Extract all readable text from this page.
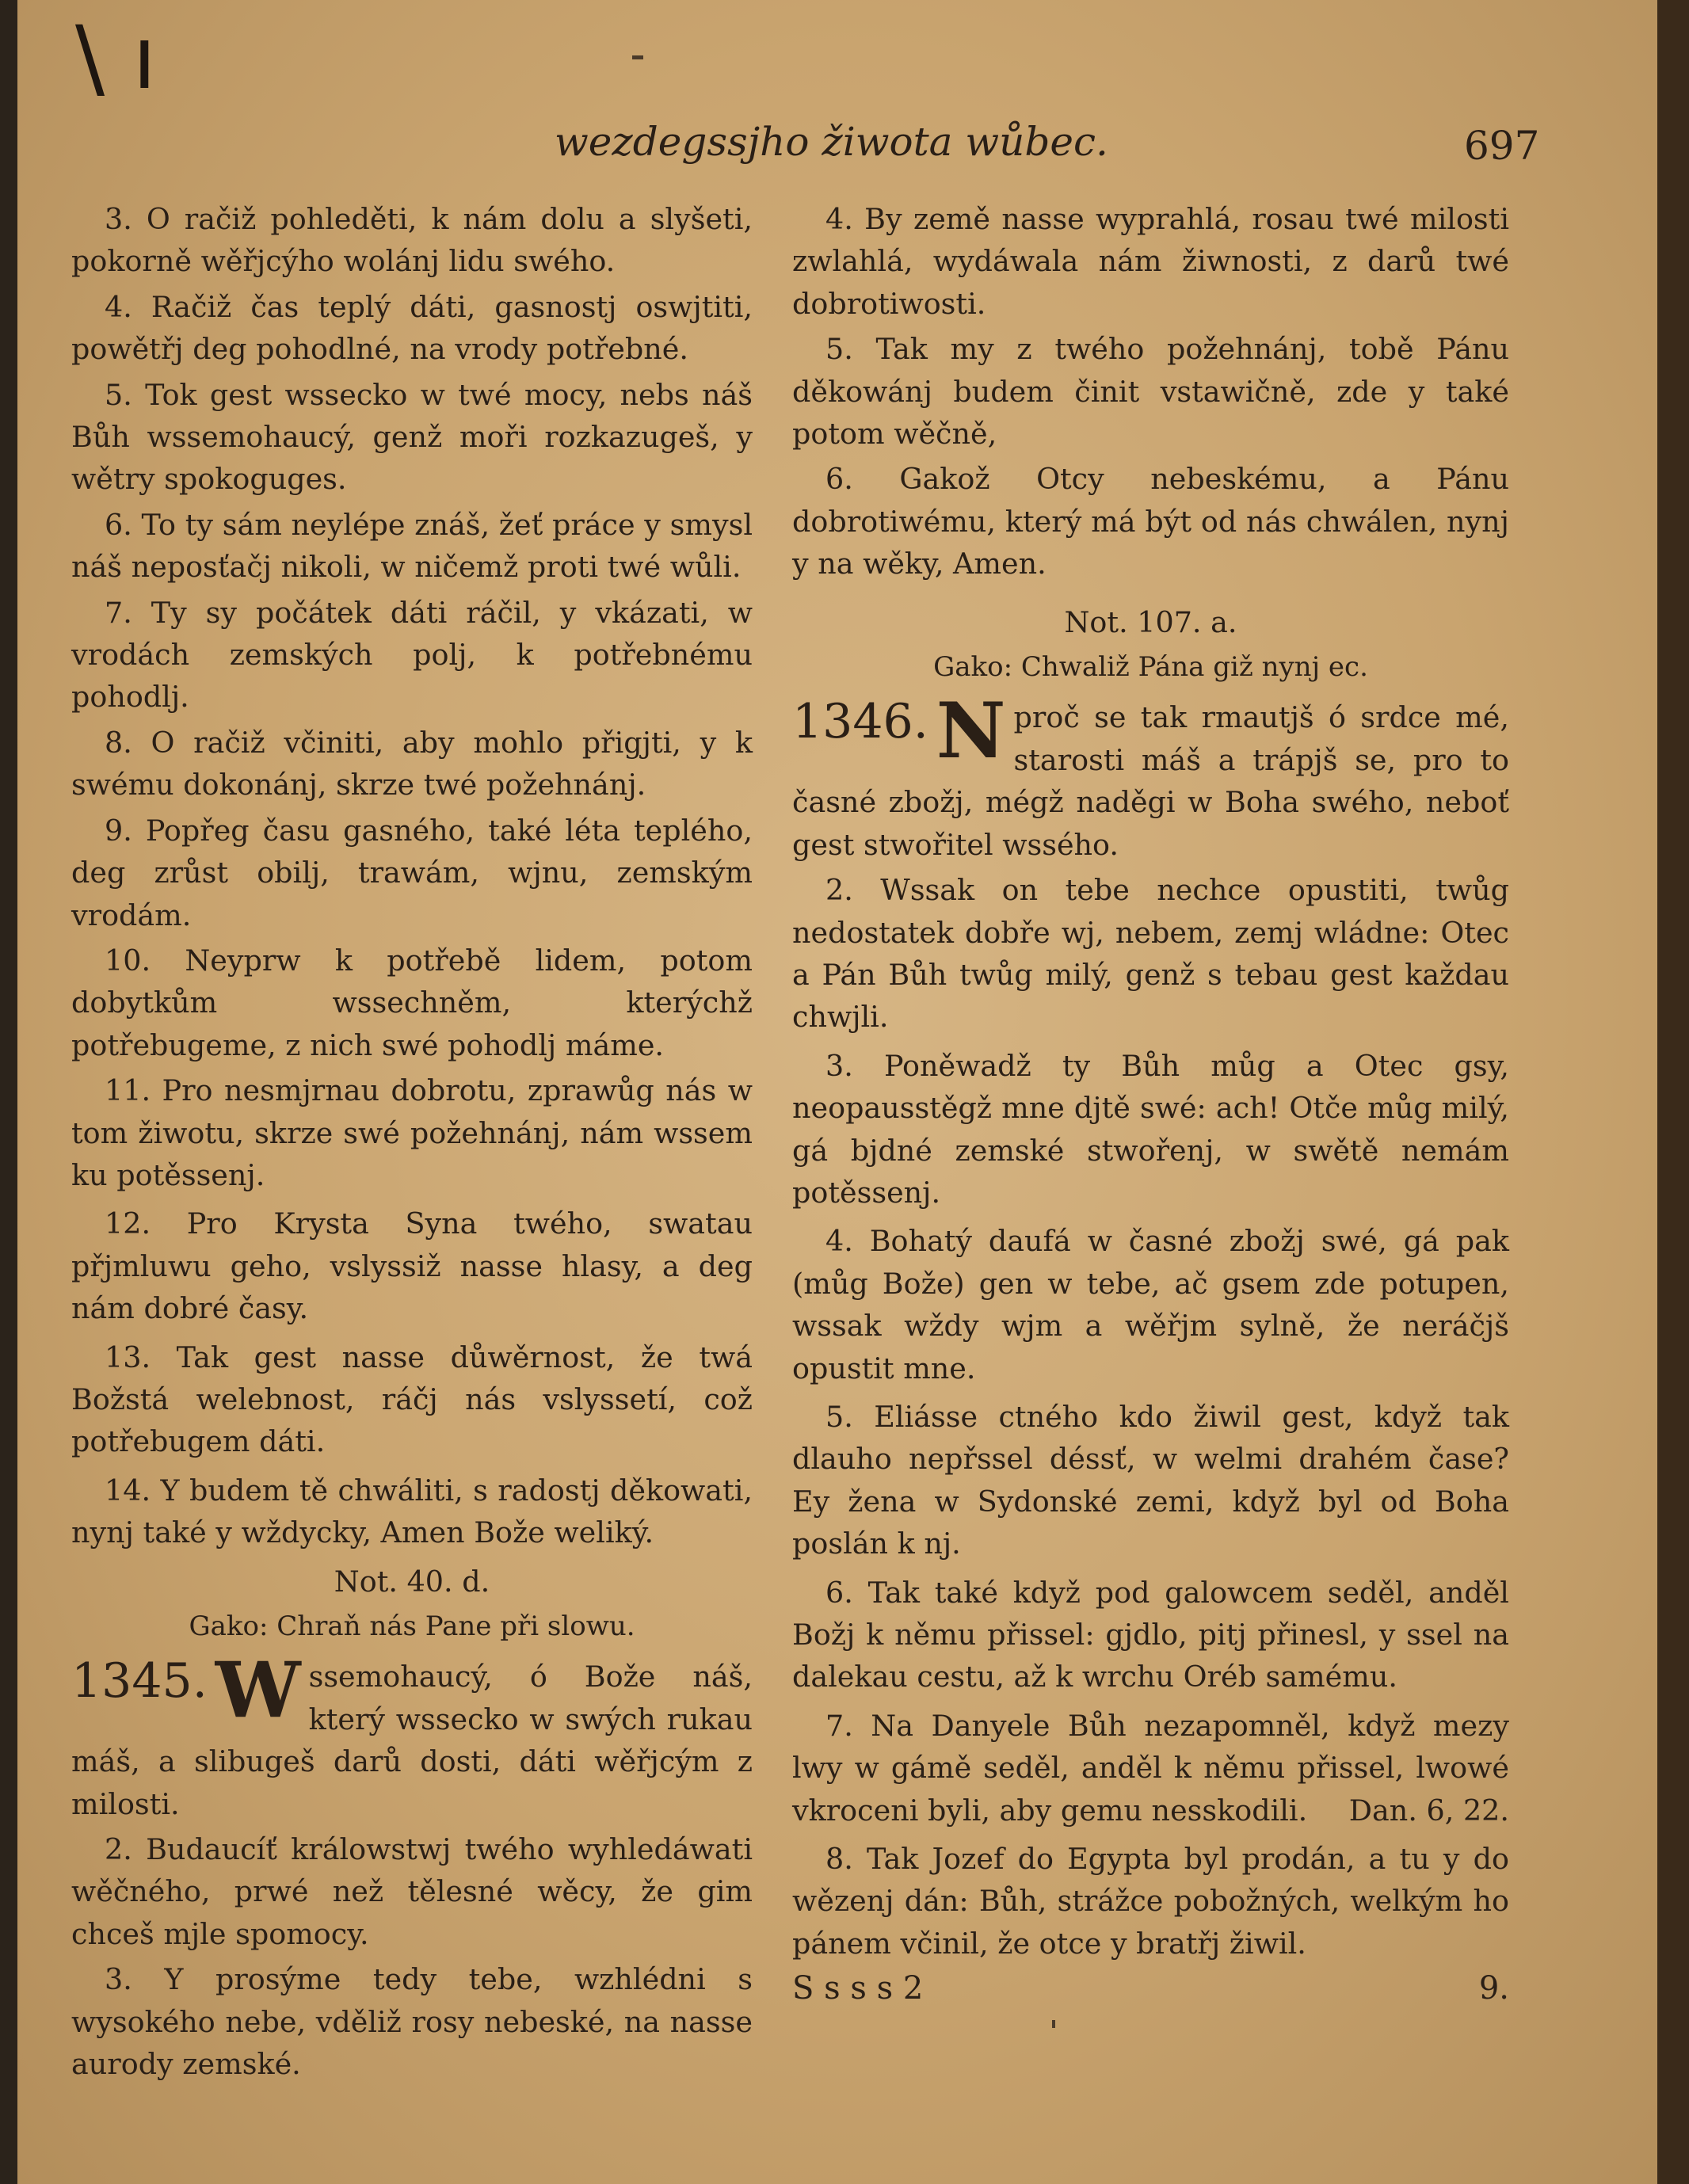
\ ı
wezdegssjho žiwota wůbec.	697

3. O račiž pohleděti, k nám dolu a slyšeti, pokorně wěřjcýho wolánj lidu swého.

4. Račiž čas teplý dáti, gasnostj oswjtiti, powětřj deg pohodlné, na vrody potřebné.

5. Tok gest wssecko w twé mocy, nebs náš Bůh wssemohaucý, genž moři rozkazugeš, y wětry spokoguges.

6. To ty sám neylépe znáš, žeť práce y smysl náš neposťačj nikoli, w ničemž proti twé wůli.

7. Ty sy počátek dáti ráčil, y vkázati, w vrodách zemských polj, k potřebnému pohodlj.

8. O račiž včiniti, aby mohlo přigjti, y k swému dokonánj, skrze twé požehnánj.

9. Popřeg času gasného, také léta teplého, deg zrůst obilj, trawám, wjnu, zemským vrodám.

10. Neyprw k potřebě lidem, potom dobytkům wssechněm, kterýchž potřebugeme, z nich swé pohodlj máme.

11. Pro nesmjrnau dobrotu, zprawůg nás w tom žiwotu, skrze swé požehnánj, nám wssem ku potěssenj.

12. Pro Krysta Syna twého, swatau přjmluwu geho, vslyssiž nasse hlasy, a deg nám dobré časy.

13. Tak gest nasse důwěrnost, že twá Božstá welebnost, ráčj nás vslyssetí, což potřebugem dáti.

14. Y budem tě chwáliti, s radostj děkowati, nynj také y wždycky, Amen Bože weliký.

Not. 40. d.
Gako: Chraň nás Pane při slowu.
1345. W ssemohaucý, ó Bože náš, který wssecko w swých rukau máš, a slibugeš darů dosti, dáti wěřjcým z milosti.

2. Budaucíť králowstwj twého wyhledáwati wěčného, prwé než tělesné wěcy, že gim chceš mjle spomocy.

3. Y prosýme tedy tebe, wzhlédni s wysokého nebe, vděliž rosy nebeské, na nasse aurody zemské.

4. By země nasse wyprahlá, rosau twé milosti zwlahlá, wydáwala nám žiwnosti, z darů twé dobrotiwosti.

5. Tak my z twého požehnánj, tobě Pánu děkowánj budem činit vstawičně, zde y také potom wěčně,

6. Gakož Otcy nebeskému, a Pánu dobrotiwému, který má být od nás chwálen, nynj y na wěky, Amen.

Not. 107. a.
Gako: Chwaliž Pána giž nynj ec.
1346. N proč se tak rmautjš ó srdce mé, starosti máš a trápjš se, pro to časné zbožj, mégž naděgi w Boha swého, neboť gest stwořitel wssého.

2. Wssak on tebe nechce opustiti, twůg nedostatek dobře wj, nebem, zemj wládne: Otec a Pán Bůh twůg milý, genž s tebau gest každau chwjli.

3. Poněwadž ty Bůh můg a Otec gsy, neopausstěgž mne djtě swé: ach! Otče můg milý, gá bjdné zemské stwořenj, w swětě nemám potěssenj.

4. Bohatý daufá w časné zbožj swé, gá pak (můg Bože) gen w tebe, ač gsem zde potupen, wssak wždy wjm a wěřjm sylně, že neráčjš opustit mne.

5. Eliásse ctného kdo žiwil gest, když tak dlauho nepřssel déssť, w welmi drahém čase? Ey žena w Sydonské zemi, když byl od Boha poslán k nj.

6. Tak také když pod galowcem seděl, anděl Božj k němu přissel: gjdlo, pitj přinesl, y ssel na dalekau cestu, až k wrchu Oréb samému.

7. Na Danyele Bůh nezapomněl, když mezy lwy w gámě seděl, anděl k němu přissel, lwowé vkroceni byli, aby gemu nesskodili.	Dan. 6, 22.

8. Tak Jozef do Egypta byl prodán, a tu y do wězenj dán: Bůh, strážce pobožných, welkým ho pánem včinil, že otce y bratřj žiwil.

S s s s 2	9.
